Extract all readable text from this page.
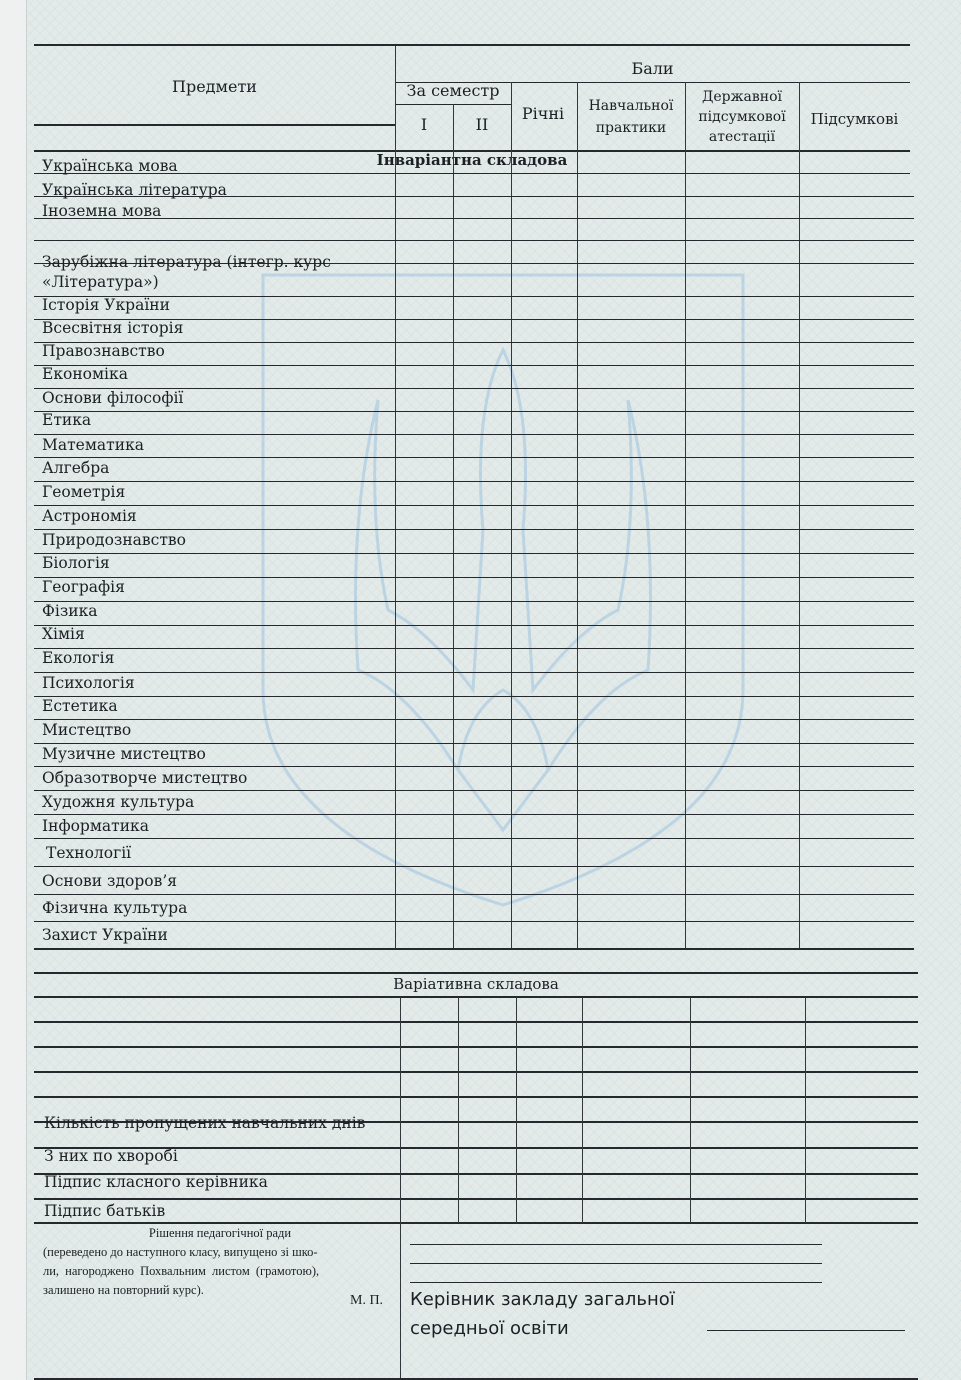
Предмети
Бали
За семестр
I	II
Річні	Навчальної
практики
Державної
підсумкової
атестації
Підсумкові
Інваріантна складова
Українська мова
Українська література
Іноземна мова
Зарубіжна література (інтегр. курс
«Література»)
Історія України
Всесвітня історія
Правознавство
Економіка
Основи філософії
Етика
Математика
Алгебра
Геометрія
Астрономія
Природознавство
Біологія
Географія
Фізика
Хімія
Екологія
Психологія
Естетика
Мистецтво
Музичне мистецтво
Образотворче мистецтво
Художня культура
Інформатика
Технології
Основи здоров’я
Фізична культура
Захист України
Варіативна складова
Кількість пропущених навчальних днів
З них по хворобі
Підпис класного керівника
Підпис батьків
Рішення педагогічної ради
(переведено до наступного класу, випущено зі шко-
ли, нагороджено Похвальним листом (грамотою),
залишено на повторний курс).
М. П. Керівник закладу загальної
середньої освіти
